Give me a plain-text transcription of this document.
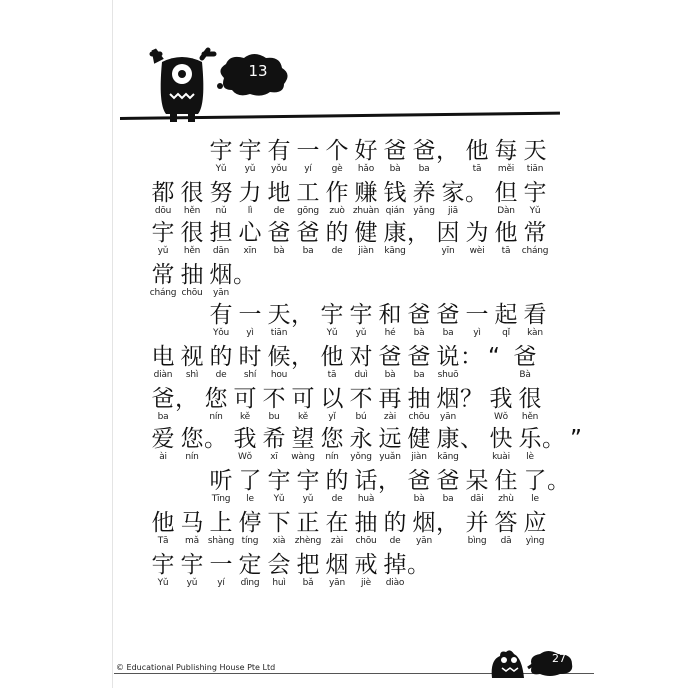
13
宇
Yǔ
宇
yǔ
有
yǒu
一
yí
个
gè
好
hǎo
爸
bà
爸
ba
， 他
tā
每
měi
天
tiān
都
dōu
很
hěn
努
nǔ
力
lì
地
de
工
gōng
作
zuò
赚
zhuàn
钱
qián
养
yǎng
家
jiā
。 但
Dàn
宇
Yǔ
宇
yǔ
很
hěn
担
dān
心
xīn
爸
bà
爸
ba
的
de
健
jiàn
康
kāng
， 因
yīn
为
wèi
他
tā
常
cháng
常
cháng
抽
chōu
烟
yān
。
有
Yǒu
一
yì
天
tiān
， 宇
Yǔ
宇
yǔ
和
hé
爸
bà
爸
ba
一
yì
起
qǐ
看
kàn
电
diàn
视
shì
的
de
时
shí
候
hou
， 他
tā
对
duì
爸
bà
爸
ba
说
shuō
： “ 爸
Bà
爸
ba
， 您
nín
可
kě
不
bu
可
kě
以
yǐ
不
bú
再
zài
抽
chōu
烟
yān
？ 我
Wǒ
很
hěn
爱
ài
您
nín
。 我
Wǒ
希
xī
望
wàng
您
nín
永
yǒng
远
yuǎn
健
jiàn
康
kāng
、 快
kuài
乐
lè
。 ”
听
Tīng
了
le
宇
Yǔ
宇
yǔ
的
de
话
huà
， 爸
bà
爸
ba
呆
dāi
住
zhù
了
le
。
他
Tā
马
mǎ
上
shàng
停
tíng
下
xià
正
zhèng
在
zài
抽
chōu
的
de
烟
yān
， 并
bìng
答
dā
应
yìng
宇
Yǔ
宇
yǔ
一
yí
定
dìng
会
huì
把
bǎ
烟
yān
戒
jiè
掉
diào
。
© Educational Publishing House Pte Ltd
27
